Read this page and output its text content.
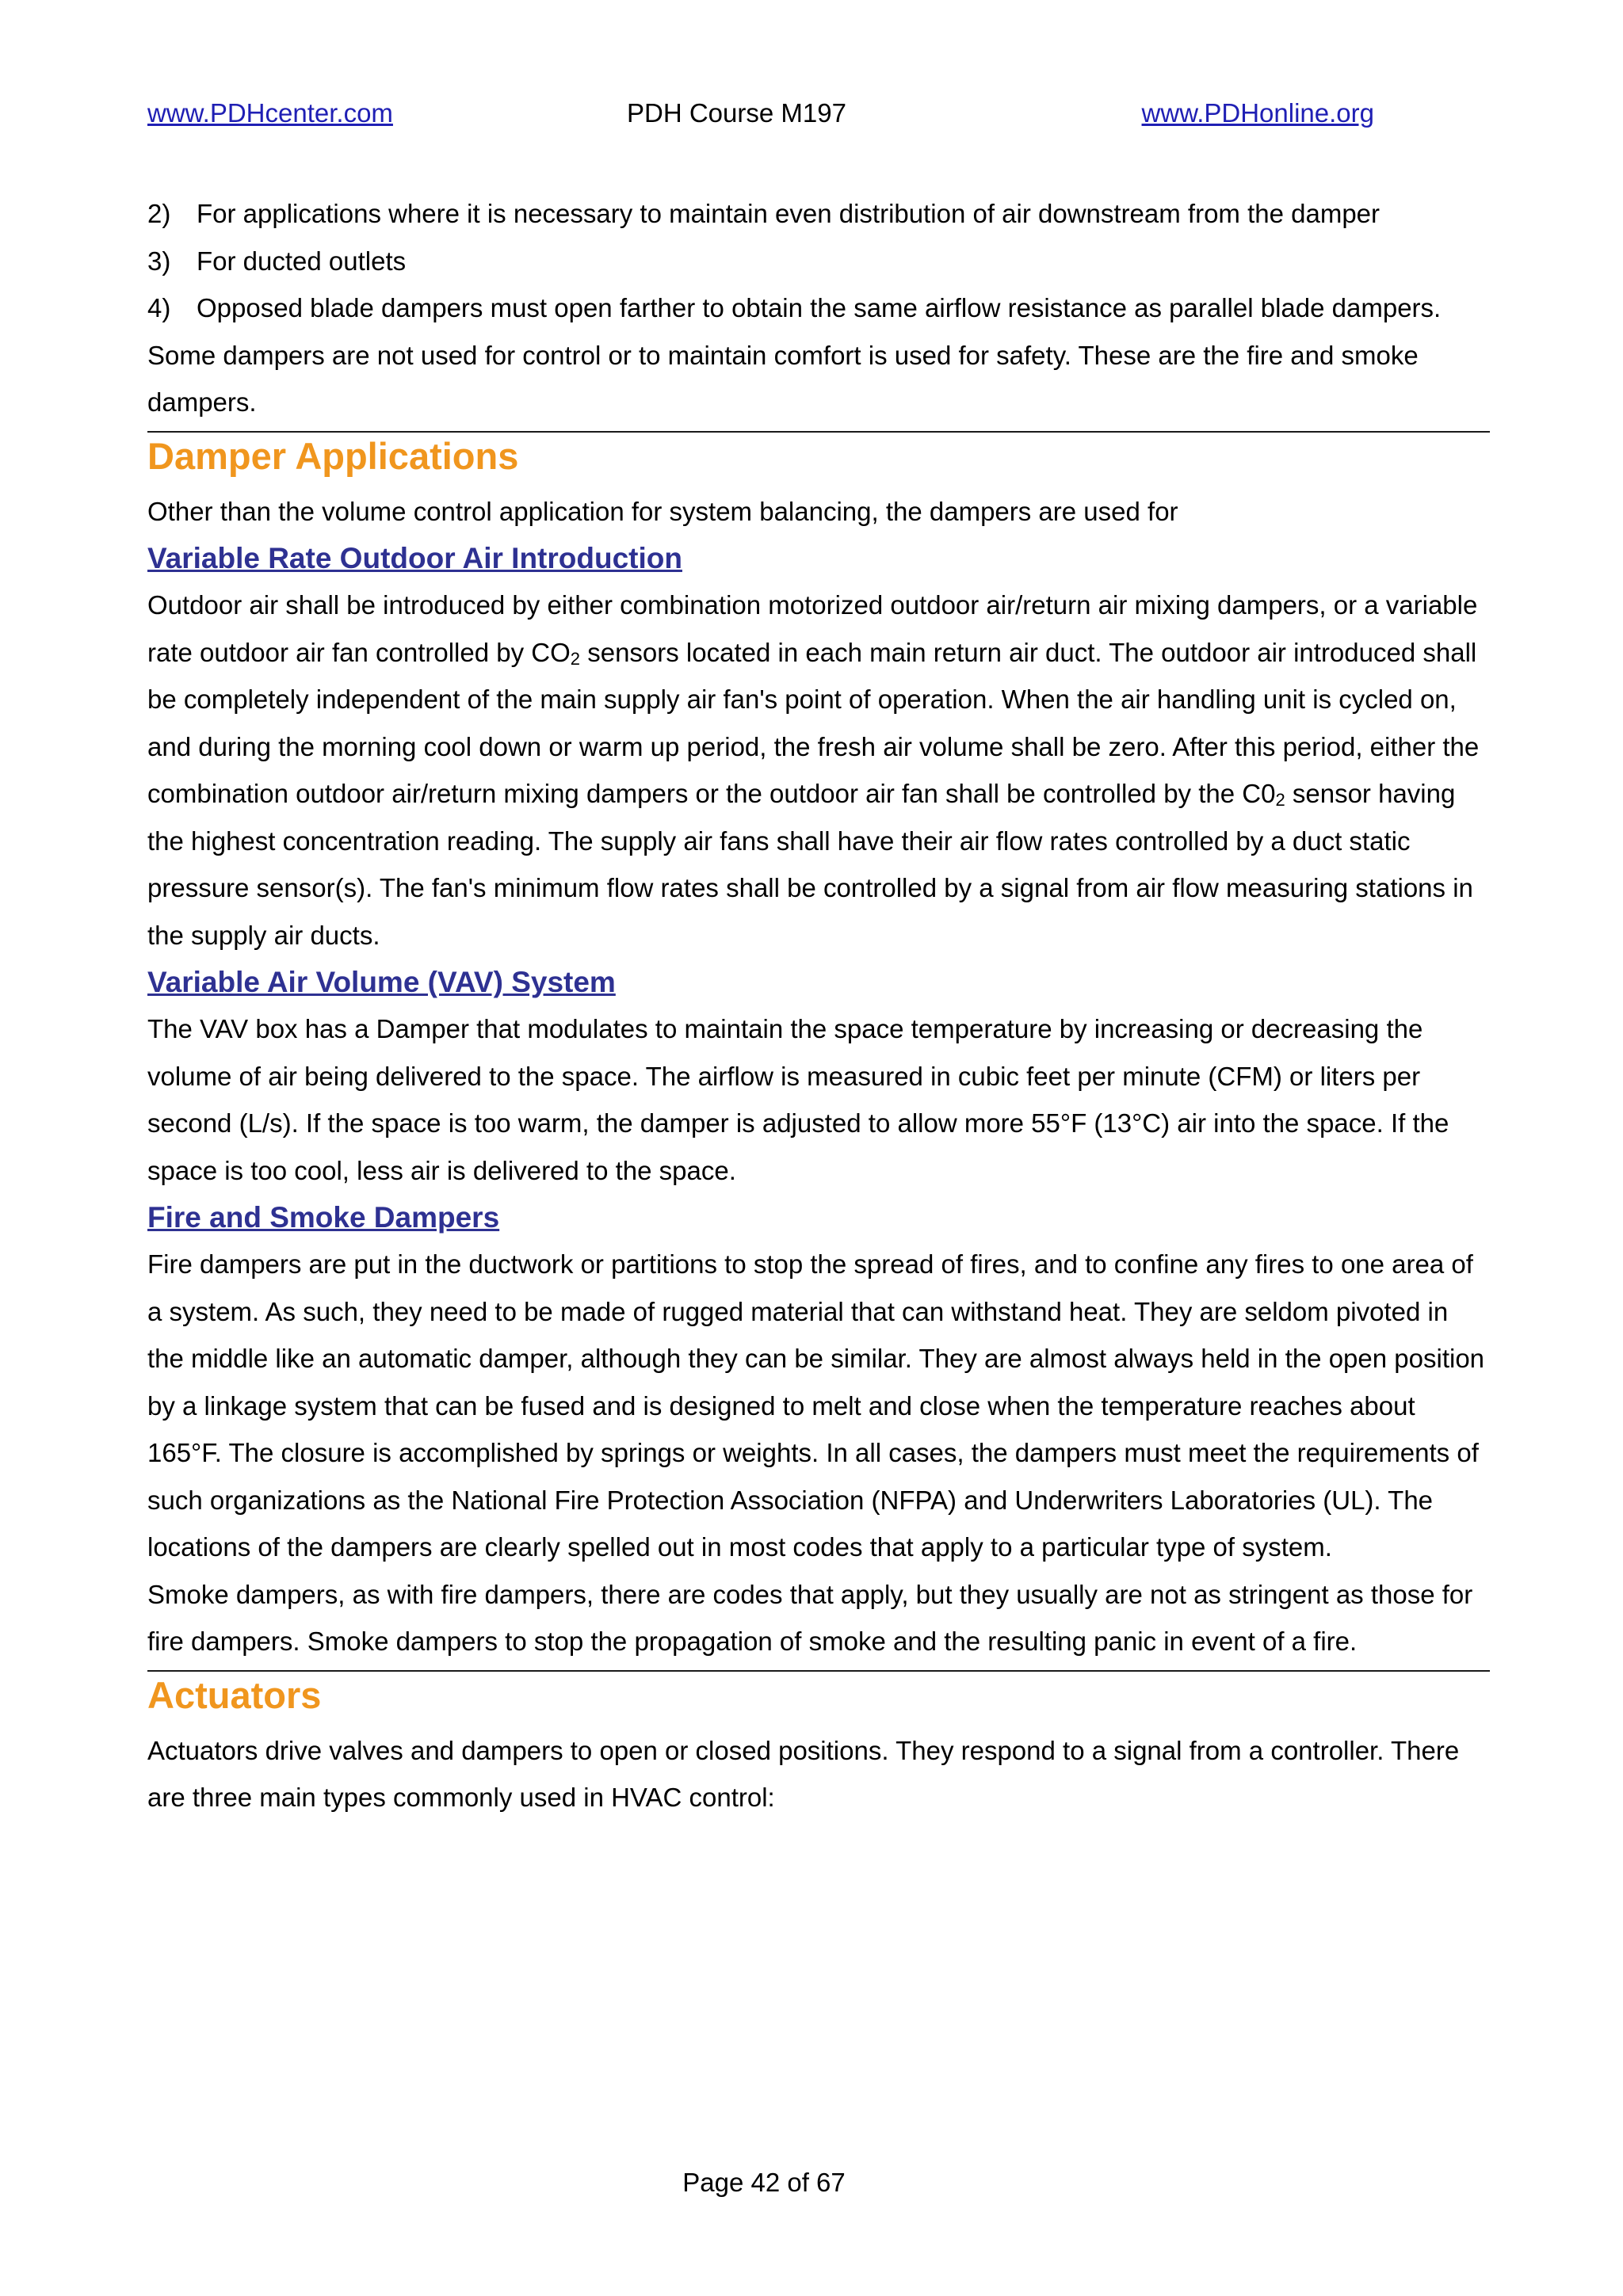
www.PDHcenter.com	PDH Course M197	www.PDHonline.org
2) For applications where it is necessary to maintain even distribution of air downstream from the damper
3) For ducted outlets
4) Opposed blade dampers must open farther to obtain the same airflow resistance as parallel blade dampers.

Some dampers are not used for control or to maintain comfort is used for safety. These are the fire and smoke dampers.

Damper Applications

Other than the volume control application for system balancing, the dampers are used for

Variable Rate Outdoor Air Introduction

Outdoor air shall be introduced by either combination motorized outdoor air/return air mixing dampers, or a variable rate outdoor air fan controlled by $CO_2$ sensors located in each main return air duct. The outdoor air introduced shall be completely independent of the main supply air fan's point of operation. When the air handling unit is cycled on, and during the morning cool down or warm up period, the fresh air volume shall be zero. After this period, either the combination outdoor air/return mixing dampers or the outdoor air fan shall be controlled by the $C0_2$ sensor having the highest concentration reading. The supply air fans shall have their air flow rates controlled by a duct static pressure sensor(s). The fan's minimum flow rates shall be controlled by a signal from air flow measuring stations in the supply air ducts.

Variable Air Volume (VAV) System

The VAV box has a Damper that modulates to maintain the space temperature by increasing or decreasing the volume of air being delivered to the space. The airflow is measured in cubic feet per minute (CFM) or liters per second (L/s). If the space is too warm, the damper is adjusted to allow more 55°F (13°C) air into the space. If the space is too cool, less air is delivered to the space.

Fire and Smoke Dampers

Fire dampers are put in the ductwork or partitions to stop the spread of fires, and to confine any fires to one area of a system. As such, they need to be made of rugged material that can withstand heat. They are seldom pivoted in the middle like an automatic damper, although they can be similar. They are almost always held in the open position by a linkage system that can be fused and is designed to melt and close when the temperature reaches about 165°F. The closure is accomplished by springs or weights. In all cases, the dampers must meet the requirements of such organizations as the National Fire Protection Association (NFPA) and Underwriters Laboratories (UL). The locations of the dampers are clearly spelled out in most codes that apply to a particular type of system.

Smoke dampers, as with fire dampers, there are codes that apply, but they usually are not as stringent as those for fire dampers. Smoke dampers to stop the propagation of smoke and the resulting panic in event of a fire.

Actuators

Actuators drive valves and dampers to open or closed positions. They respond to a signal from a controller. There are three main types commonly used in HVAC control:

Page 42 of 67
